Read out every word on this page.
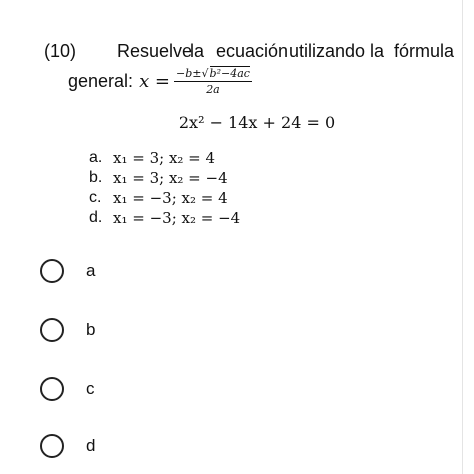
(10) Resuelve
la ecuación utilizando la fórmula
general: $x = \frac{\text{−b±√b²−4ac}}{2a}$
2x² − 14x + 24 = 0
a. x₁ = 3; x₂ = 4
b. x₁ = 3; x₂ = −4
c. x₁ = −3; x₂ = 4
d. x₁ = −3; x₂ = −4
a
b
c
d
